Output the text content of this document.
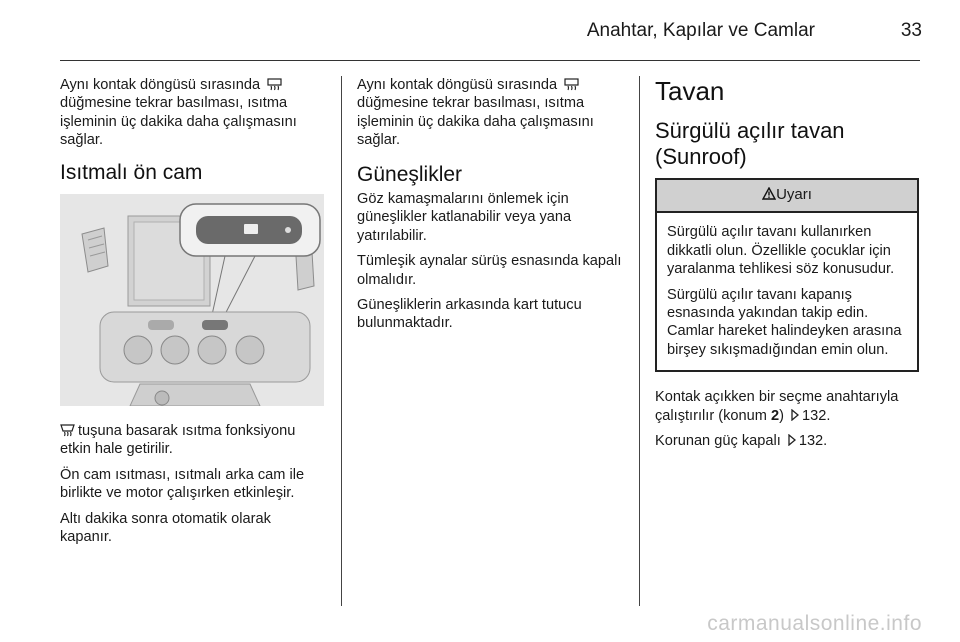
Anahtar, Kapılar ve Camlar	33

Aynı kontak döngüsü sırasında  düğmesine tekrar basılması, ısıtma işleminin üç dakika daha çalışmasını sağlar.

Isıtmalı ön cam

tuşuna basarak ısıtma fonksiyonu etkin hale getirilir.

Ön cam ısıtması, ısıtmalı arka cam ile birlikte ve motor çalışırken etkinleşir.

Altı dakika sonra otomatik olarak kapanır.

Aynı kontak döngüsü sırasında  düğmesine tekrar basılması, ısıtma işleminin üç dakika daha çalışmasını sağlar.

Güneşlikler

Göz kamaşmalarını önlemek için güneşlikler katlanabilir veya yana yatırılabilir.

Tümleşik aynalar sürüş esnasında kapalı olmalıdır.

Güneşliklerin arkasında kart tutucu bulunmaktadır.

Tavan
Sürgülü açılır tavan (Sunroof)
Uyarı

Sürgülü açılır tavanı kullanırken dikkatli olun. Özellikle çocuklar için yaralanma tehlikesi söz konusudur.

Sürgülü açılır tavanı kapanış esnasında yakından takip edin. Camlar hareket halindeyken arasına birşey sıkışmadığından emin olun.

Kontak açıkken bir seçme anahtarıyla çalıştırılır (konum 2) 132.

Korunan güç kapalı 132.

carmanualsonline.info
